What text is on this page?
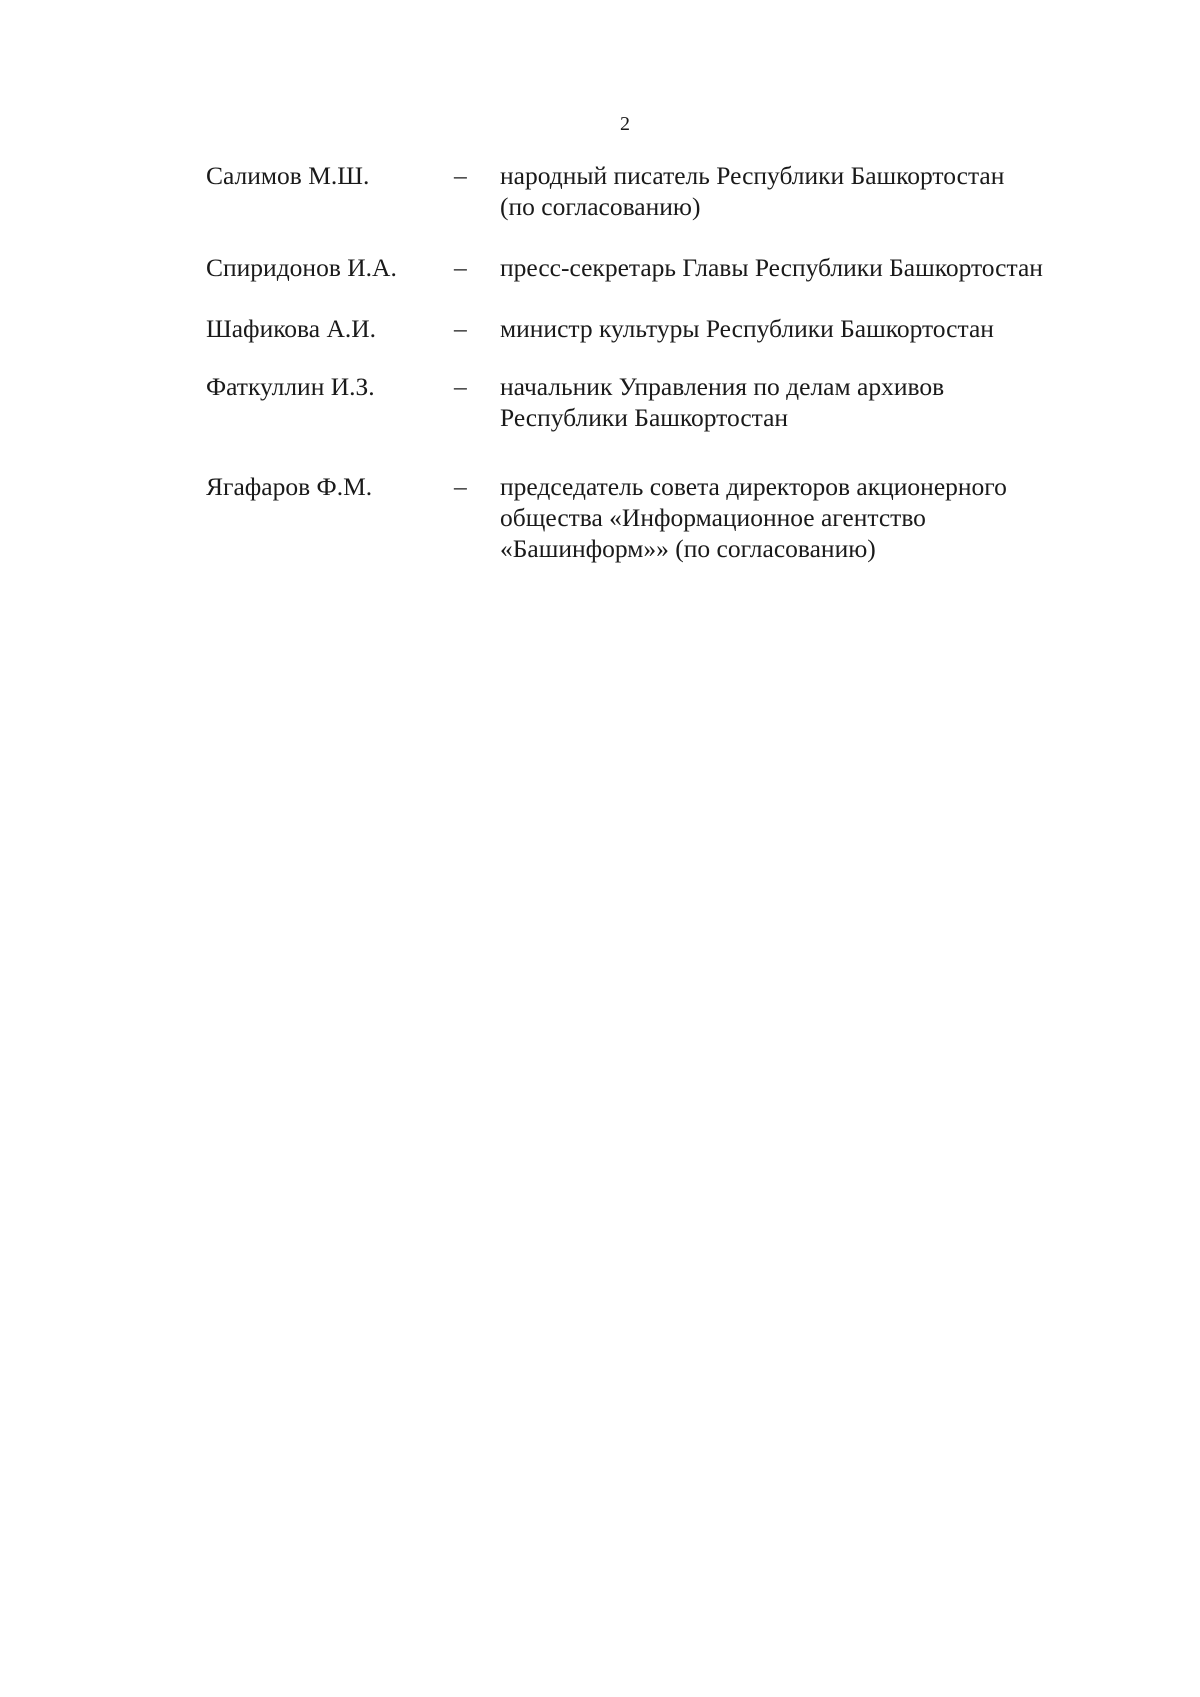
2
Салимов М.Ш.	–	народный писатель Республики Башкортостан
(по согласованию)
Спиридонов И.А.	–	пресс-секретарь Главы Республики Башкортостан
Шафикова А.И.	–	министр культуры Республики Башкортостан
Фаткуллин И.З.	–	начальник Управления по делам архивов
Республики Башкортостан
Ягафаров Ф.М.	–	председатель совета директоров акционерного
общества «Информационное агентство
«Башинформ»» (по согласованию)
